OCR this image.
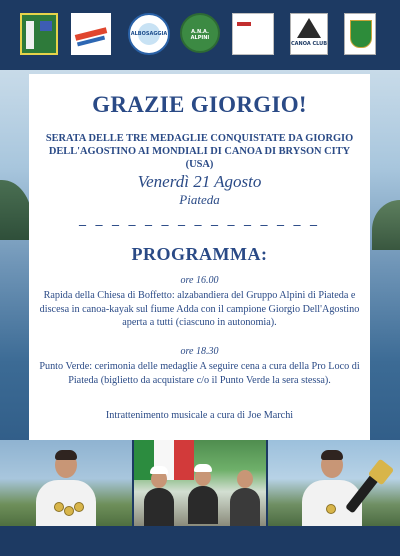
ALBOSAGGIA	A.N.A. ALPINI
CANOA CLUB
GRAZIE GIORGIO!
SERATA DELLE TRE MEDAGLIE CONQUISTATE DA GIORGIO DELL'AGOSTINO AI MONDIALI DI CANOA DI BRYSON CITY (USA)
Venerdì 21 Agosto
Piateda
_ _ _ _ _ _ _ _ _ _ _ _ _ _ _
PROGRAMMA:
ore 16.00
Rapida della Chiesa di Boffetto: alzabandiera del Gruppo Alpini di Piateda e discesa in canoa-kayak sul fiume Adda con il campione Giorgio Dell'Agostino aperta a tutti (ciascuno in autonomia).
ore 18.30
Punto Verde: cerimonia delle medaglie A seguire cena a cura della Pro Loco di Piateda (biglietto da acquistare c/o il Punto Verde la sera stessa).
Intrattenimento musicale a cura di Joe Marchi
